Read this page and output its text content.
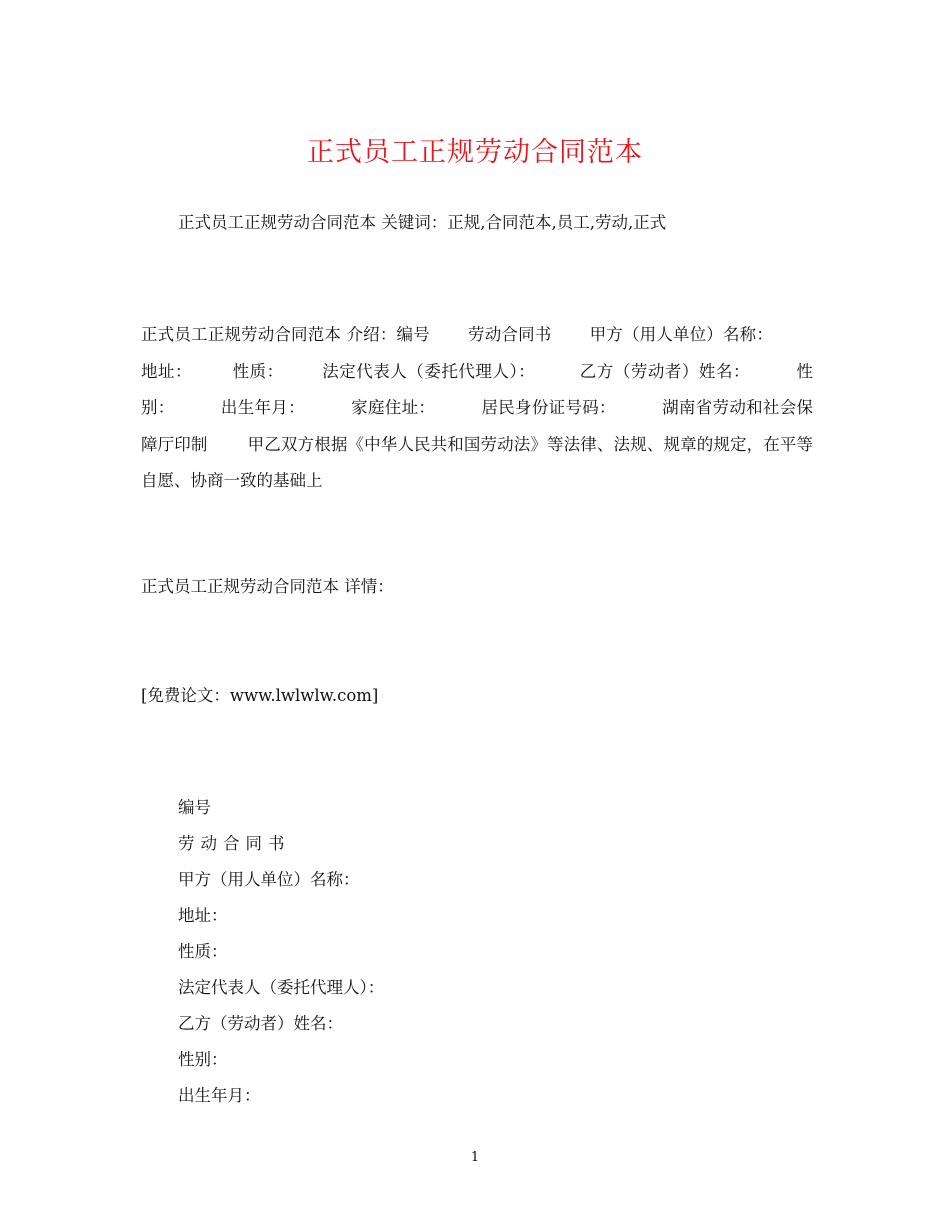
正式员工正规劳动合同范本
正式员工正规劳动合同范本 关键词：正规,合同范本,员工,劳动,正式

正式员工正规劳动合同范本 介绍：编号 劳动合同书 甲方（用人单位）名称：地址： 性质： 法定代表人（委托代理人）：	乙方（劳动者）姓名：	性别：	出生年月：	家庭住址：	居民身份证号码：	湖南省劳动和社会保障厅印制 甲乙双方根据《中华人民共和国劳动法》等法律、法规、规章的规定，在平等自愿、协商一致的基础上

正式员工正规劳动合同范本 详情：
[免费论文：www.lwlwlw.com]
编号
劳动合同书
甲方（用人单位）名称：
地址：
性质：
法定代表人（委托代理人）：
乙方（劳动者）姓名：
性别：
出生年月：
1
